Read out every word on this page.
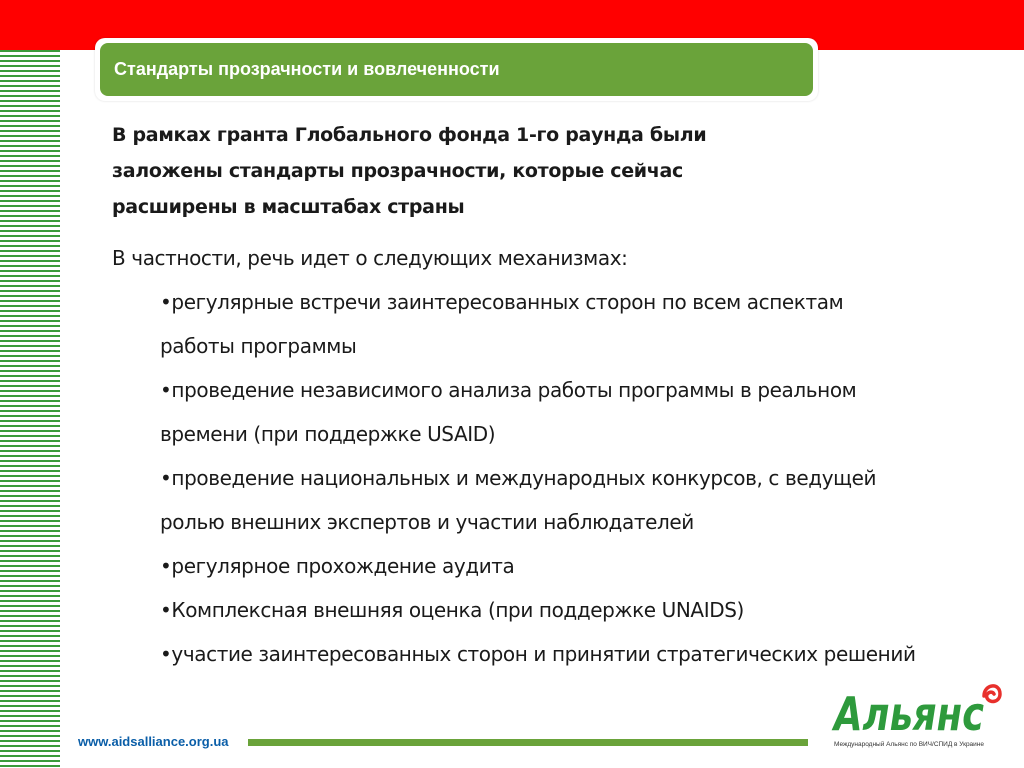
Стандарты прозрачности и вовлеченности
В рамках гранта Глобального фонда 1-го раунда были заложены стандарты прозрачности, которые сейчас расширены в масштабах страны
В частности, речь идет о следующих механизмах:
•регулярные встречи заинтересованных сторон по всем аспектам работы программы
•проведение независимого анализа работы программы в реальном времени (при поддержке USAID)
•проведение национальных и международных конкурсов, с ведущей ролью внешних экспертов и участии наблюдателей
•регулярное прохождение аудита
•Комплексная внешняя оценка (при поддержке UNAIDS)
•участие заинтересованных сторон и принятии стратегических решений
www.aidsalliance.org.ua
Альянс
Международный Альянс по ВИЧ/СПИД в Украине
